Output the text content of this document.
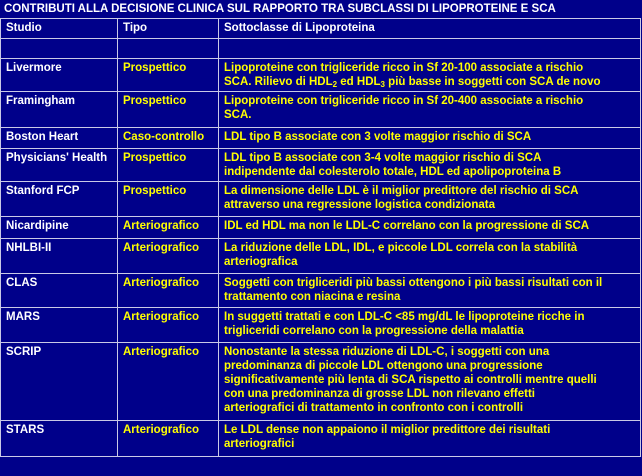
CONTRIBUTI ALLA DECISIONE CLINICA SUL RAPPORTO TRA SUBCLASSI DI LIPOPROTEINE E SCA
Studio	Tipo	Sottoclasse di Lipoproteina

Livermore	Prospettico	Lipoproteine con trigliceride ricco in Sf 20-100 associate a rischio
SCA. Rilievo di $HDL_2$ ed $HDL_3$ più basse in soggetti con SCA de novo
Framingham	Prospettico	Lipoproteine con trigliceride ricco in Sf 20-400 associate a rischio
SCA.
Boston Heart	Caso-controllo	LDL tipo B associate con 3 volte maggior rischio di SCA
Physicians' Health	Prospettico	LDL tipo B associate con 3-4 volte maggior rischio di SCA
indipendente dal colesterolo totale, HDL ed apolipoproteina B
Stanford FCP	Prospettico	La dimensione delle LDL è il miglior predittore del rischio di SCA
attraverso una regressione logistica condizionata
Nicardipine	Arteriografico	IDL ed HDL ma non le LDL-C correlano con la progressione di SCA
NHLBI-II	Arteriografico	La riduzione delle LDL, IDL, e piccole LDL correla con la stabilità
arteriografica
CLAS	Arteriografico	Soggetti con trigliceridi più bassi ottengono i più bassi risultati con il
trattamento con niacina e resina
MARS	Arteriografico	In suggetti trattati e con LDL-C <85 mg/dL le lipoproteine ricche in
trigliceridi correlano con la progressione della malattia
SCRIP	Arteriografico	Nonostante la stessa riduzione di LDL-C, i soggetti con una
predominanza di piccole LDL ottengono una progressione
significativamente più lenta di SCA rispetto ai controlli mentre quelli
con una predominanza di grosse LDL non rilevano effetti
arteriografici di trattamento in confronto con i controlli
STARS	Arteriografico	Le LDL dense non appaiono il miglior predittore dei risultati
arteriografici
